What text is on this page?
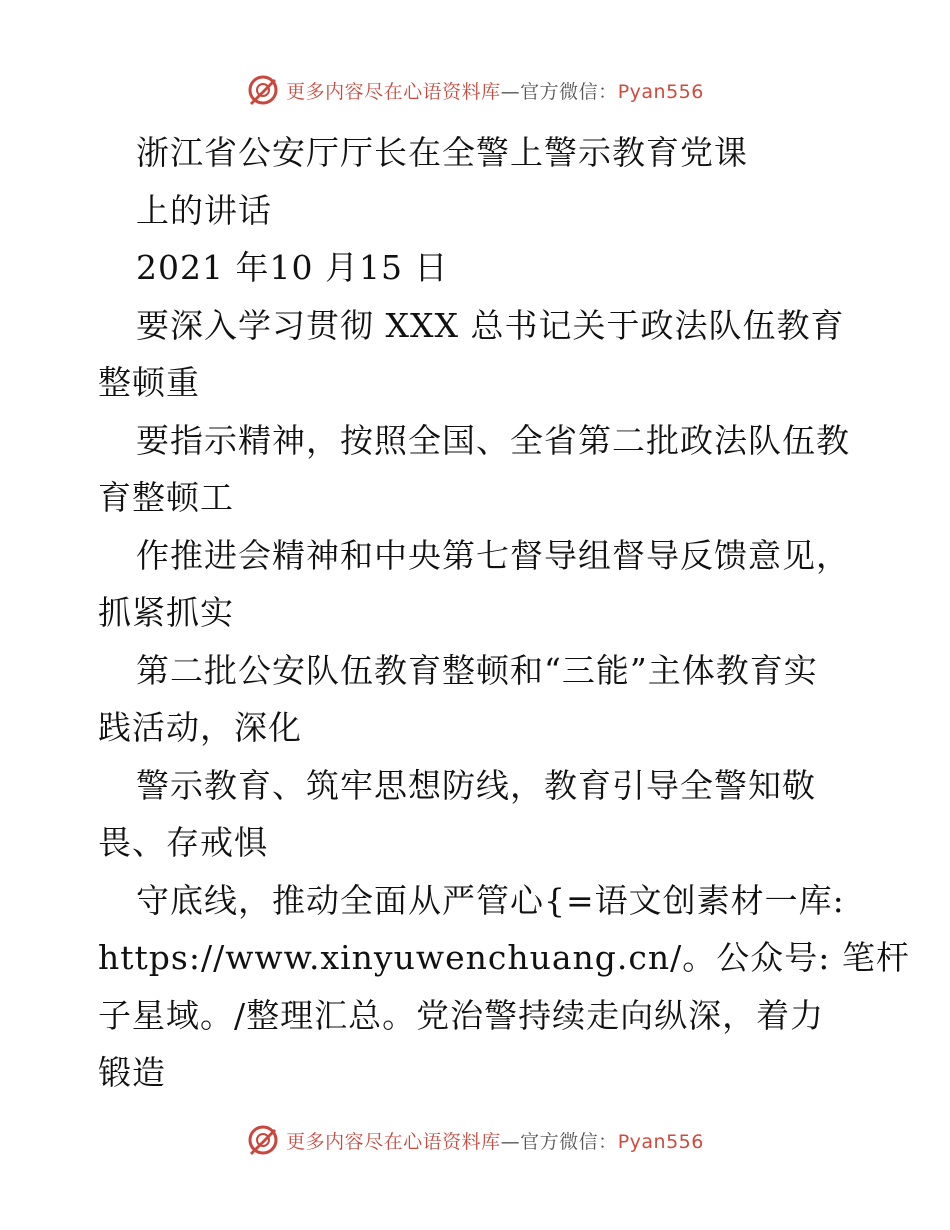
更多内容尽在心语资料库—官方微信：Pyan556
浙江省公安厅厅长在全警上警示教育党课
上的讲话
2021 年10 月15 日
要深入学习贯彻 XXX 总书记关于政法队伍教育
整顿重
要指示精神，按照全国、全省第二批政法队伍教
育整顿工
作推进会精神和中央第七督导组督导反馈意见，
抓紧抓实
第二批公安队伍教育整顿和“三能”主体教育实
践活动，深化
警示教育、筑牢思想防线，教育引导全警知敬
畏、存戒惧
守底线，推动全面从严管心{=语文创素材一库:
https://www.xinyuwenchuang.cn/。公众号: 笔杆
子星域。/整理汇总。党治警持续走向纵深，着力
锻造
更多内容尽在心语资料库—官方微信：Pyan556
